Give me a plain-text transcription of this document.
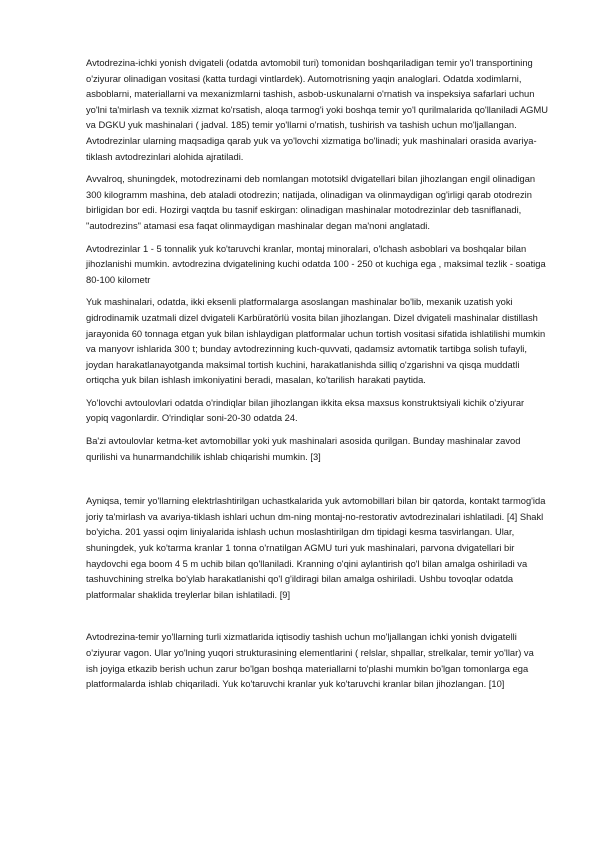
Avtodrezina-ichki yonish dvigateli (odatda avtomobil turi) tomonidan boshqariladigan temir yo'l transportining o'ziyurar olinadigan vositasi (katta turdagi vintlardek). Automotrisning yaqin analoglari. Odatda xodimlarni, asboblarni, materiallarni va mexanizmlarni tashish, asbob-uskunalarni o'rnatish va inspeksiya safarlari uchun yo'lni ta'mirlash va texnik xizmat ko'rsatish, aloqa tarmog'i yoki boshqa temir yo'l qurilmalarida qo'llaniladi AGMU va DGKU yuk mashinalari ( jadval. 185) temir yo'llarni o'rnatish, tushirish va tashish uchun mo'ljallangan. Avtodrezinlar ularning maqsadiga qarab yuk va yo'lovchi xizmatiga bo'linadi; yuk mashinalari orasida avariya-tiklash avtodrezinlari alohida ajratiladi.

Avvalroq, shuningdek, motodrezinami deb nomlangan mototsikl dvigatellari bilan jihozlangan engil olinadigan 300 kilogramm mashina, deb ataladi otodrezin; natijada, olinadigan va olinmaydigan og'irligi qarab otodrezin birligidan bor edi. Hozirgi vaqtda bu tasnif eskirgan: olinadigan mashinalar motodrezinlar deb tasniflanadi, "autodrezins" atamasi esa faqat olinmaydigan mashinalar degan ma'noni anglatadi.

Avtodrezinlar 1 - 5 tonnalik yuk ko'taruvchi kranlar, montaj minoralari, o'lchash asboblari va boshqalar bilan jihozlanishi mumkin. avtodrezina dvigatelining kuchi odatda 100 - 250 ot kuchiga ega , maksimal tezlik - soatiga 80-100 kilometr

Yuk mashinalari, odatda, ikki eksenli platformalarga asoslangan mashinalar bo'lib, mexanik uzatish yoki gidrodinamik uzatmali dizel dvigateli Karbüratörlü vosita bilan jihozlangan. Dizel dvigateli mashinalar distillash jarayonida 60 tonnaga etgan yuk bilan ishlaydigan platformalar uchun tortish vositasi sifatida ishlatilishi mumkin va manyovr ishlarida 300 t; bunday avtodrezinning kuch-quvvati, qadamsiz avtomatik tartibga solish tufayli, joydan harakatlanayotganda maksimal tortish kuchini, harakatlanishda silliq o'zgarishni va qisqa muddatli ortiqcha yuk bilan ishlash imkoniyatini beradi, masalan, ko'tarilish harakati paytida.

Yo'lovchi avtoulovlari odatda o'rindiqlar bilan jihozlangan ikkita eksa maxsus konstruktsiyali kichik o'ziyurar yopiq vagonlardir. O'rindiqlar soni-20-30 odatda 24.

Ba'zi avtoulovlar ketma-ket avtomobillar yoki yuk mashinalari asosida qurilgan. Bunday mashinalar zavod qurilishi va hunarmandchilik ishlab chiqarishi mumkin. [3]

Ayniqsa, temir yo'llarning elektrlashtirilgan uchastkalarida yuk avtomobillari bilan bir qatorda, kontakt tarmog'ida joriy ta'mirlash va avariya-tiklash ishlari uchun dm-ning montaj-no-restorativ avtodrezinalari ishlatiladi. [4] Shakl bo'yicha. 201 yassi oqim liniyalarida ishlash uchun moslashtirilgan dm tipidagi kesma tasvirlangan. Ular, shuningdek, yuk ko'tarma kranlar 1 tonna o'rnatilgan AGMU turi yuk mashinalari, parvona dvigatellari bir haydovchi ega boom 4 5 m uchib bilan qo'llaniladi. Kranning o'qini aylantirish qo'l bilan amalga oshiriladi va tashuvchining strelka bo'ylab harakatlanishi qo'l g'ildiragi bilan amalga oshiriladi. Ushbu tovoqlar odatda platformalar shaklida treylerlar bilan ishlatiladi. [9]

Avtodrezina-temir yo'llarning turli xizmatlarida iqtisodiy tashish uchun mo'ljallangan ichki yonish dvigatelli o'ziyurar vagon. Ular yo'lning yuqori strukturasining elementlarini ( relslar, shpallar, strelkalar, temir yo'llar) va ish joyiga etkazib berish uchun zarur bo'lgan boshqa materiallarni to'plashi mumkin bo'lgan tomonlarga ega platformalarda ishlab chiqariladi. Yuk ko'taruvchi kranlar yuk ko'taruvchi kranlar bilan jihozlangan. [10]
